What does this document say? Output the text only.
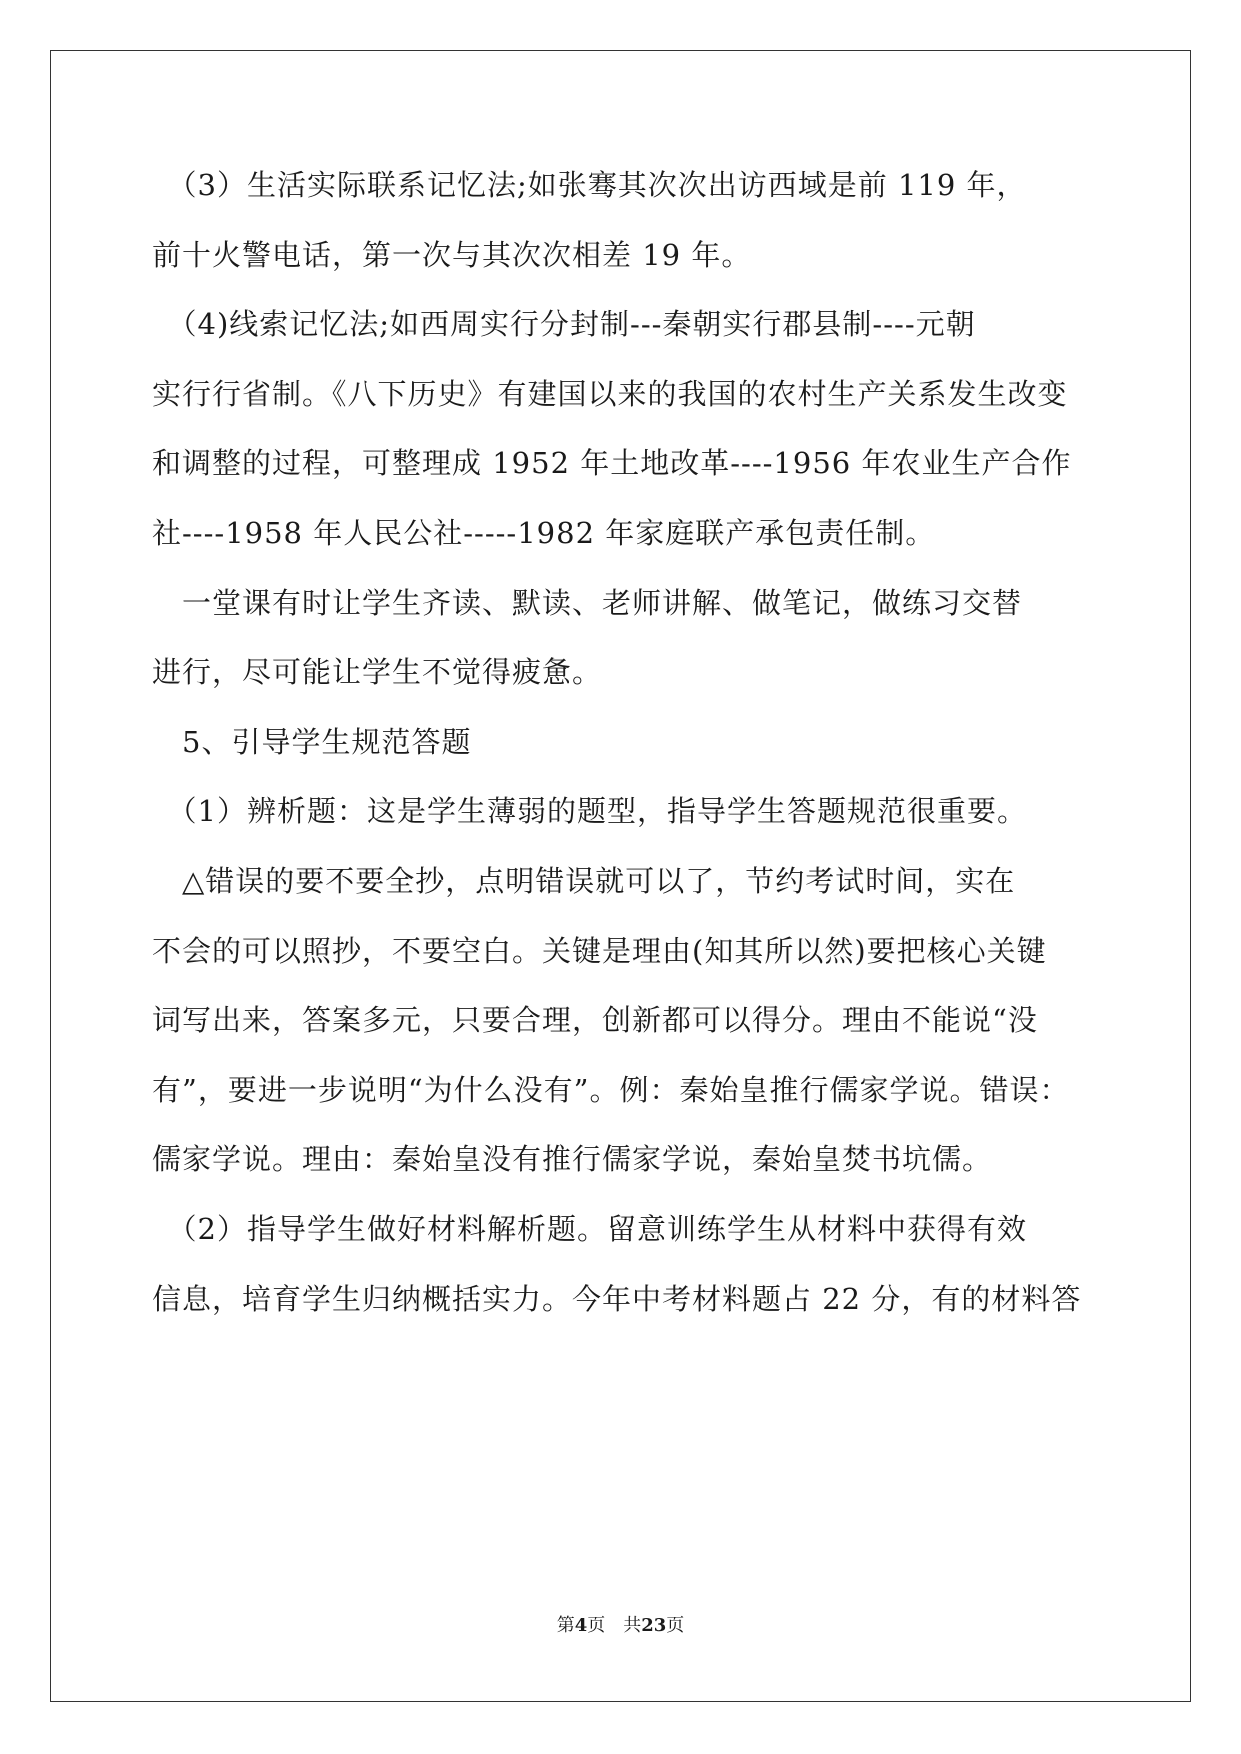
　（3）生活实际联系记忆法;如张骞其次次出访西域是前 119 年，
前十火警电话，第一次与其次次相差 19 年。
　（4)线索记忆法;如西周实行分封制---秦朝实行郡县制----元朝
实行行省制。《八下历史》有建国以来的我国的农村生产关系发生改变
和调整的过程，可整理成 1952 年土地改革----1956 年农业生产合作
社----1958 年人民公社-----1982 年家庭联产承包责任制。
　一堂课有时让学生齐读、默读、老师讲解、做笔记，做练习交替
进行，尽可能让学生不觉得疲惫。
　5、引导学生规范答题
　（1）辨析题：这是学生薄弱的题型，指导学生答题规范很重要。
　△错误的要不要全抄，点明错误就可以了，节约考试时间，实在
不会的可以照抄，不要空白。关键是理由(知其所以然)要把核心关键
词写出来，答案多元，只要合理，创新都可以得分。理由不能说“没
有”，要进一步说明“为什么没有”。例：秦始皇推行儒家学说。错误：
儒家学说。理由：秦始皇没有推行儒家学说，秦始皇焚书坑儒。
　（2）指导学生做好材料解析题。留意训练学生从材料中获得有效
信息，培育学生归纳概括实力。今年中考材料题占 22 分，有的材料答
第4页　 共23页
